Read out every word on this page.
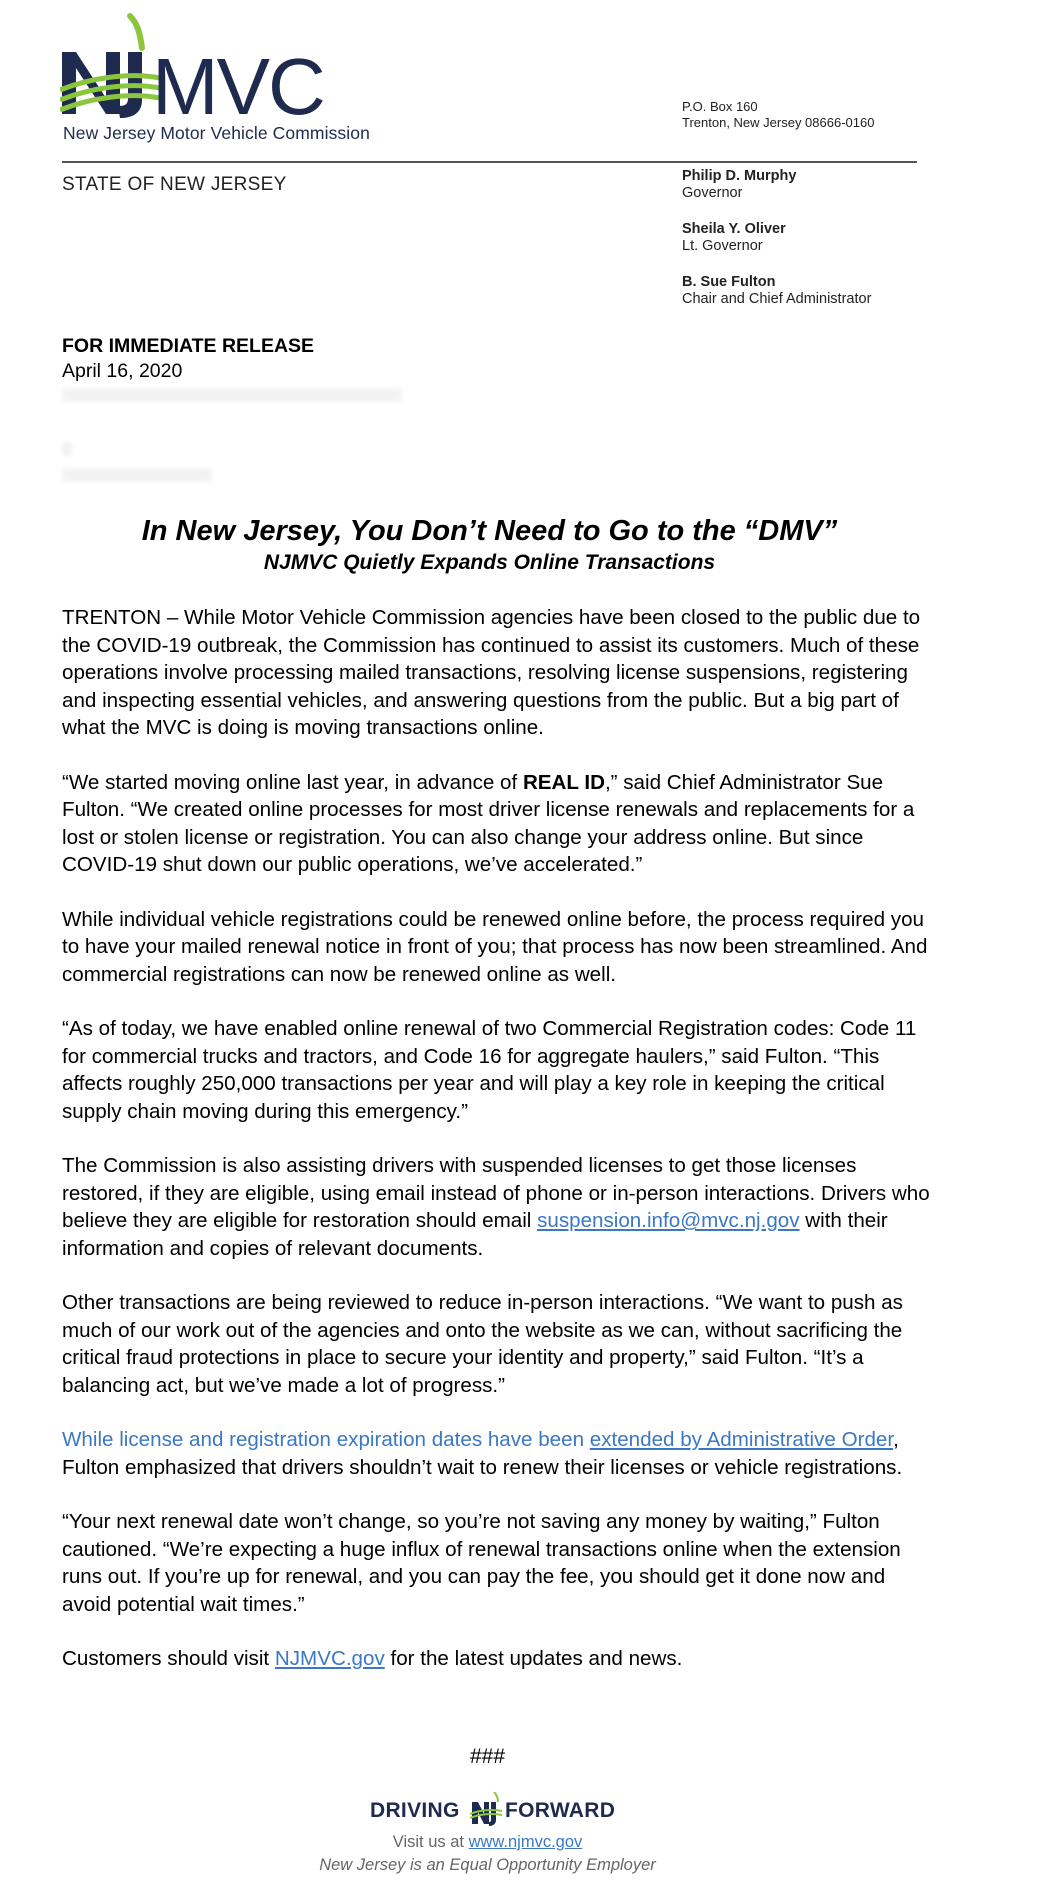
MVC
New Jersey Motor Vehicle Commission
P.O. Box 160
Trenton, New Jersey 08666-0160
STATE OF NEW JERSEY	Philip D. Murphy
Governor
Sheila Y. Oliver
Lt. Governor
B. Sue Fulton
Chair and Chief Administrator
FOR IMMEDIATE RELEASE
April 16, 2020
In New Jersey, You Don’t Need to Go to the “DMV”
NJMVC Quietly Expands Online Transactions

TRENTON – While Motor Vehicle Commission agencies have been closed to the public due to the COVID-19 outbreak, the Commission has continued to assist its customers. Much of these operations involve processing mailed transactions, resolving license suspensions, registering and inspecting essential vehicles, and answering questions from the public. But a big part of what the MVC is doing is moving transactions online.

“We started moving online last year, in advance of REAL ID,” said Chief Administrator Sue Fulton. “We created online processes for most driver license renewals and replacements for a lost or stolen license or registration. You can also change your address online. But since COVID-19 shut down our public operations, we’ve accelerated.”

While individual vehicle registrations could be renewed online before, the process required you to have your mailed renewal notice in front of you; that process has now been streamlined. And commercial registrations can now be renewed online as well.

“As of today, we have enabled online renewal of two Commercial Registration codes: Code 11 for commercial trucks and tractors, and Code 16 for aggregate haulers,” said Fulton. “This affects roughly 250,000 transactions per year and will play a key role in keeping the critical supply chain moving during this emergency.”

The Commission is also assisting drivers with suspended licenses to get those licenses restored, if they are eligible, using email instead of phone or in-person interactions. Drivers who believe they are eligible for restoration should email suspension.info@mvc.nj.gov with their information and copies of relevant documents.

Other transactions are being reviewed to reduce in-person interactions. “We want to push as much of our work out of the agencies and onto the website as we can, without sacrificing the critical fraud protections in place to secure your identity and property,” said Fulton. “It’s a balancing act, but we’ve made a lot of progress.”

While license and registration expiration dates have been extended by Administrative Order, Fulton emphasized that drivers shouldn’t wait to renew their licenses or vehicle registrations.

“Your next renewal date won’t change, so you’re not saving any money by waiting,” Fulton cautioned. “We’re expecting a huge influx of renewal transactions online when the extension runs out. If you’re up for renewal, and you can pay the fee, you should get it done now and avoid potential wait times.”

Customers should visit NJMVC.gov for the latest updates and news.

###
DRIVING FORWARD
Visit us at www.njmvc.gov
New Jersey is an Equal Opportunity Employer
